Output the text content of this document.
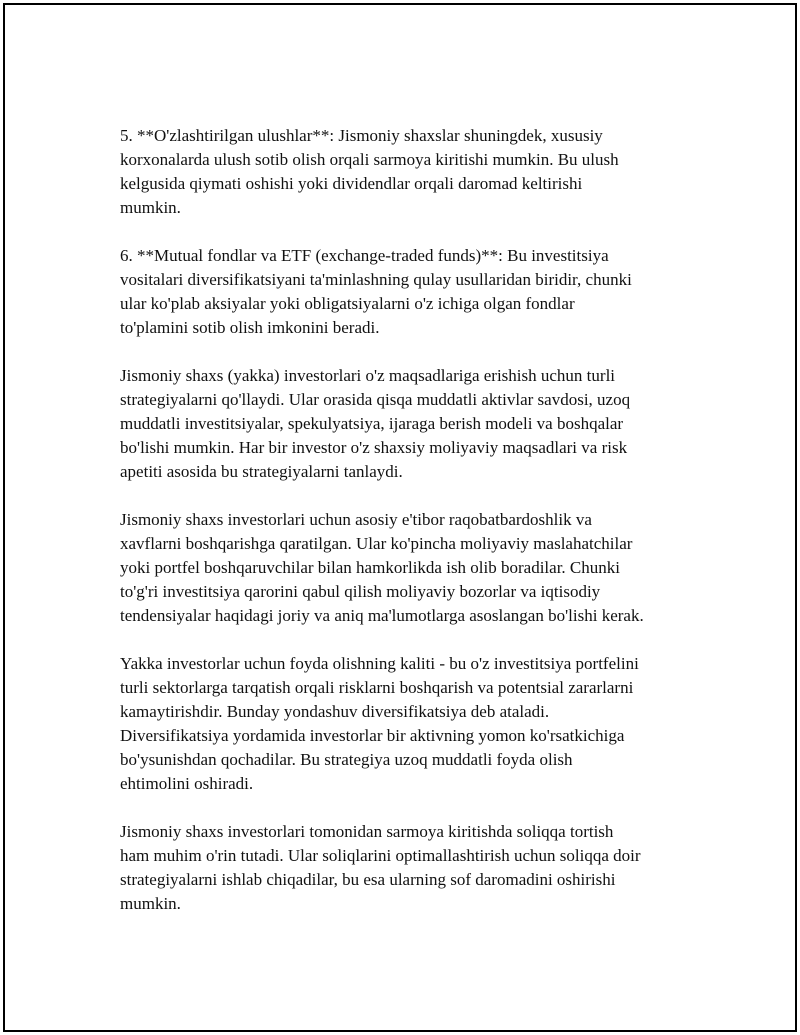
5. **O'zlashtirilgan ulushlar**: Jismoniy shaxslar shuningdek, xususiy
korxonalarda ulush sotib olish orqali sarmoya kiritishi mumkin. Bu ulush
kelgusida qiymati oshishi yoki dividendlar orqali daromad keltirishi
mumkin.

6. **Mutual fondlar va ETF (exchange-traded funds)**: Bu investitsiya
vositalari diversifikatsiyani ta'minlashning qulay usullaridan biridir, chunki
ular ko'plab aksiyalar yoki obligatsiyalarni o'z ichiga olgan fondlar
to'plamini sotib olish imkonini beradi.

Jismoniy shaxs (yakka) investorlari o'z maqsadlariga erishish uchun turli
strategiyalarni qo'llaydi. Ular orasida qisqa muddatli aktivlar savdosi, uzoq
muddatli investitsiyalar, spekulyatsiya, ijaraga berish modeli va boshqalar
bo'lishi mumkin. Har bir investor o'z shaxsiy moliyaviy maqsadlari va risk
apetiti asosida bu strategiyalarni tanlaydi.

Jismoniy shaxs investorlari uchun asosiy e'tibor raqobatbardoshlik va
xavflarni boshqarishga qaratilgan. Ular ko'pincha moliyaviy maslahatchilar
yoki portfel boshqaruvchilar bilan hamkorlikda ish olib boradilar. Chunki
to'g'ri investitsiya qarorini qabul qilish moliyaviy bozorlar va iqtisodiy
tendensiyalar haqidagi joriy va aniq ma'lumotlarga asoslangan bo'lishi kerak.

Yakka investorlar uchun foyda olishning kaliti - bu o'z investitsiya portfelini
turli sektorlarga tarqatish orqali risklarni boshqarish va potentsial zararlarni
kamaytirishdir. Bunday yondashuv diversifikatsiya deb ataladi.
Diversifikatsiya yordamida investorlar bir aktivning yomon ko'rsatkichiga
bo'ysunishdan qochadilar. Bu strategiya uzoq muddatli foyda olish
ehtimolini oshiradi.

Jismoniy shaxs investorlari tomonidan sarmoya kiritishda soliqqa tortish
ham muhim o'rin tutadi. Ular soliqlarini optimallashtirish uchun soliqqa doir
strategiyalarni ishlab chiqadilar, bu esa ularning sof daromadini oshirishi
mumkin.
